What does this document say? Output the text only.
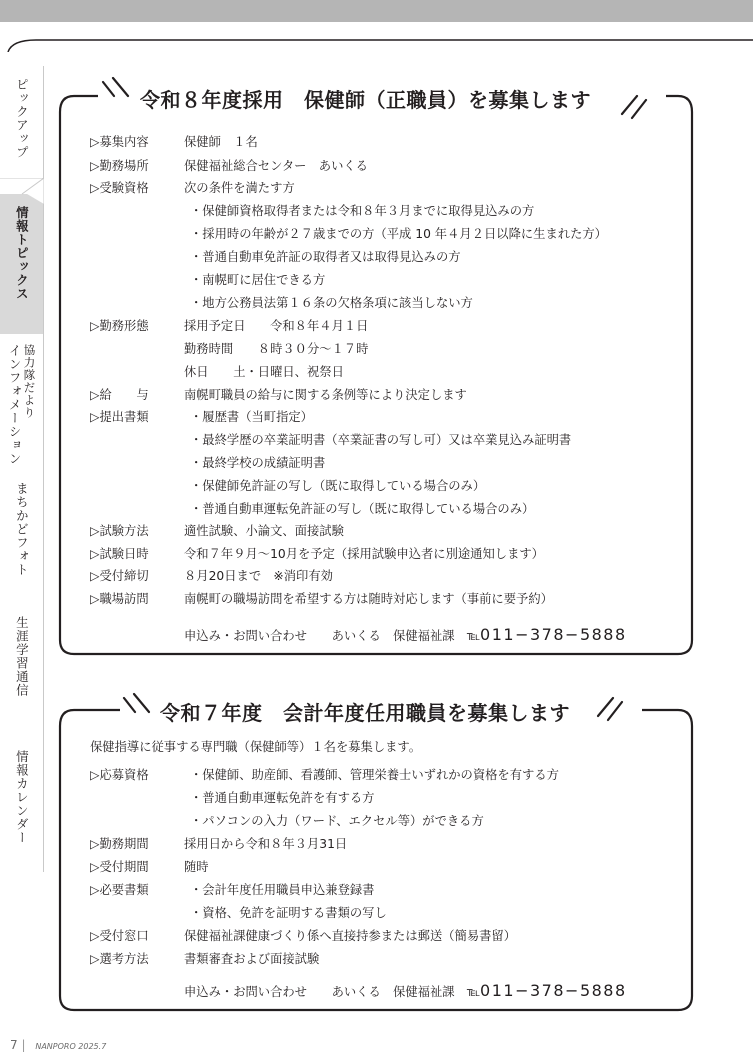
ピックアップ
情報トピックス
インフォメーション 協力隊だより
まちかどフォト
生涯学習通信
情報カレンダー
令和８年度採用　保健師（正職員）を募集します
▷募集内容	保健師　１名
▷勤務場所	保健福祉総合センター　あいくる
▷受験資格	次の条件を満たす方
・保健師資格取得者または令和８年３月までに取得見込みの方
・採用時の年齢が２７歳までの方（平成 10 年４月２日以降に生まれた方）
・普通自動車免許証の取得者又は取得見込みの方
・南幌町に居住できる方
・地方公務員法第１６条の欠格条項に該当しない方
▷勤務形態	採用予定日　　令和８年４月１日
勤務時間　　８時３０分～１７時
休日　　土・日曜日、祝祭日
▷給　　与	南幌町職員の給与に関する条例等により決定します
▷提出書類	・履歴書（当町指定）
・最終学歴の卒業証明書（卒業証書の写し可）又は卒業見込み証明書
・最終学校の成績証明書
・保健師免許証の写し（既に取得している場合のみ）
・普通自動車運転免許証の写し（既に取得している場合のみ）
▷試験方法	適性試験、小論文、面接試験
▷試験日時	令和７年９月～10月を予定（採用試験申込者に別途通知します）
▷受付締切	８月20日まで　※消印有効
▷職場訪問	南幌町の職場訪問を希望する方は随時対応します（事前に要予約）
申込み・お問い合わせ　　あいくる　保健福祉課　℡011−378−5888
令和７年度　会計年度任用職員を募集します
保健指導に従事する専門職（保健師等）１名を募集します。
▷応募資格	・保健師、助産師、看護師、管理栄養士いずれかの資格を有する方
・普通自動車運転免許を有する方
・パソコンの入力（ワード、エクセル等）ができる方
▷勤務期間	採用日から令和８年３月31日
▷受付期間	随時
▷必要書類	・会計年度任用職員申込兼登録書
・資格、免許を証明する書類の写し
▷受付窓口	保健福祉課健康づくり係へ直接持参または郵送（簡易書留）
▷選考方法	書類審査および面接試験
申込み・お問い合わせ　　あいくる　保健福祉課　℡011−378−5888
7 | NANPORO 2025.7
